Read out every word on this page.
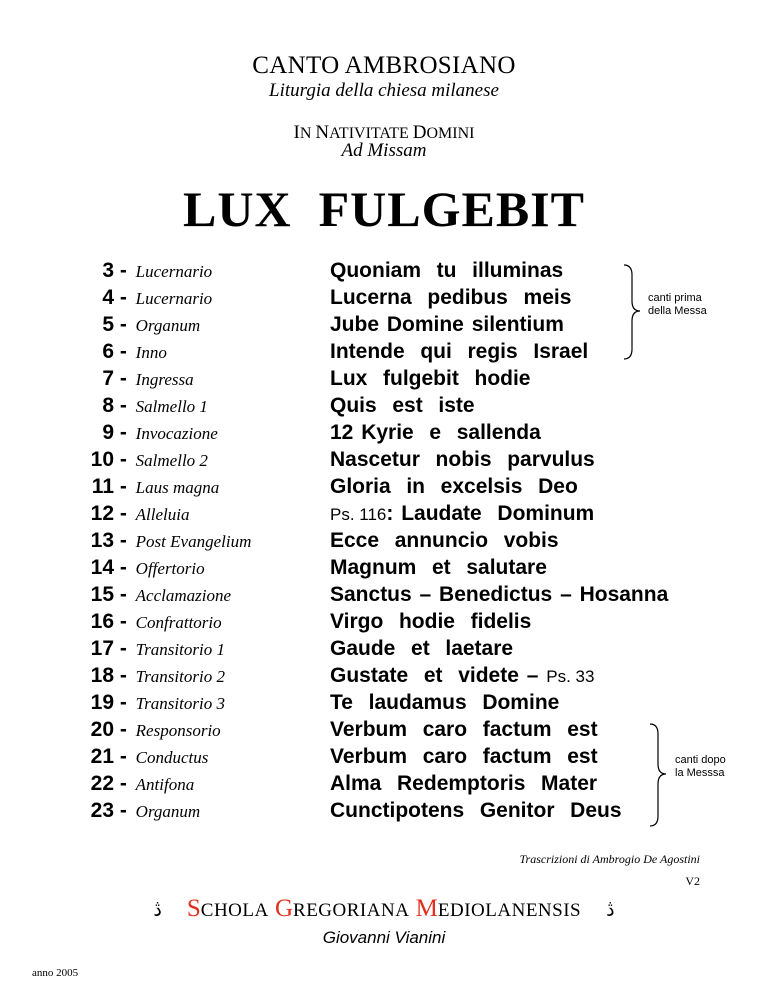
CANTO AMBROSIANO
Liturgia della chiesa milanese
IN NATIVITATE DOMINI
Ad Missam
LUX  FULGEBIT
3 - Lucernario
4 - Lucernario
5 - Organum
6 - Inno
7 - Ingressa
8 - Salmello 1
9 - Invocazione
10 - Salmello 2
11 - Laus magna
12 - Alleluia
13 - Post Evangelium
14 - Offertorio
15 - Acclamazione
16 - Confrattorio
17 - Transitorio 1
18 - Transitorio 2
19 - Transitorio 3
20 - Responsorio
21 - Conductus
22 - Antifona
23 - Organum
Quoniam  tu  illuminas
Lucerna  pedibus  meis
Jube Domine silentium
Intende  qui  regis  Israel
Lux  fulgebit  hodie
Quis  est  iste
12 Kyrie  e  sallenda
Nascetur  nobis  parvulus
Gloria  in  excelsis  Deo
Ps. 116: Laudate  Dominum
Ecce  annuncio  vobis
Magnum  et  salutare
Sanctus – Benedictus – Hosanna
Virgo  hodie  fidelis
Gaude  et  laetare
Gustate  et  videte – Ps. 33
Te  laudamus  Domine
Verbum  caro  factum  est
Verbum  caro  factum  est
Alma  Redemptoris  Mater
Cunctipotens  Genitor  Deus
canti prima
della Messa
canti dopo
la Messsa
Trascrizioni di Ambrogio De Agostini
V2
ڎ SCHOLA GREGORIANA MEDIOLANENSIS ڎ
Giovanni Vianini
anno 2005
